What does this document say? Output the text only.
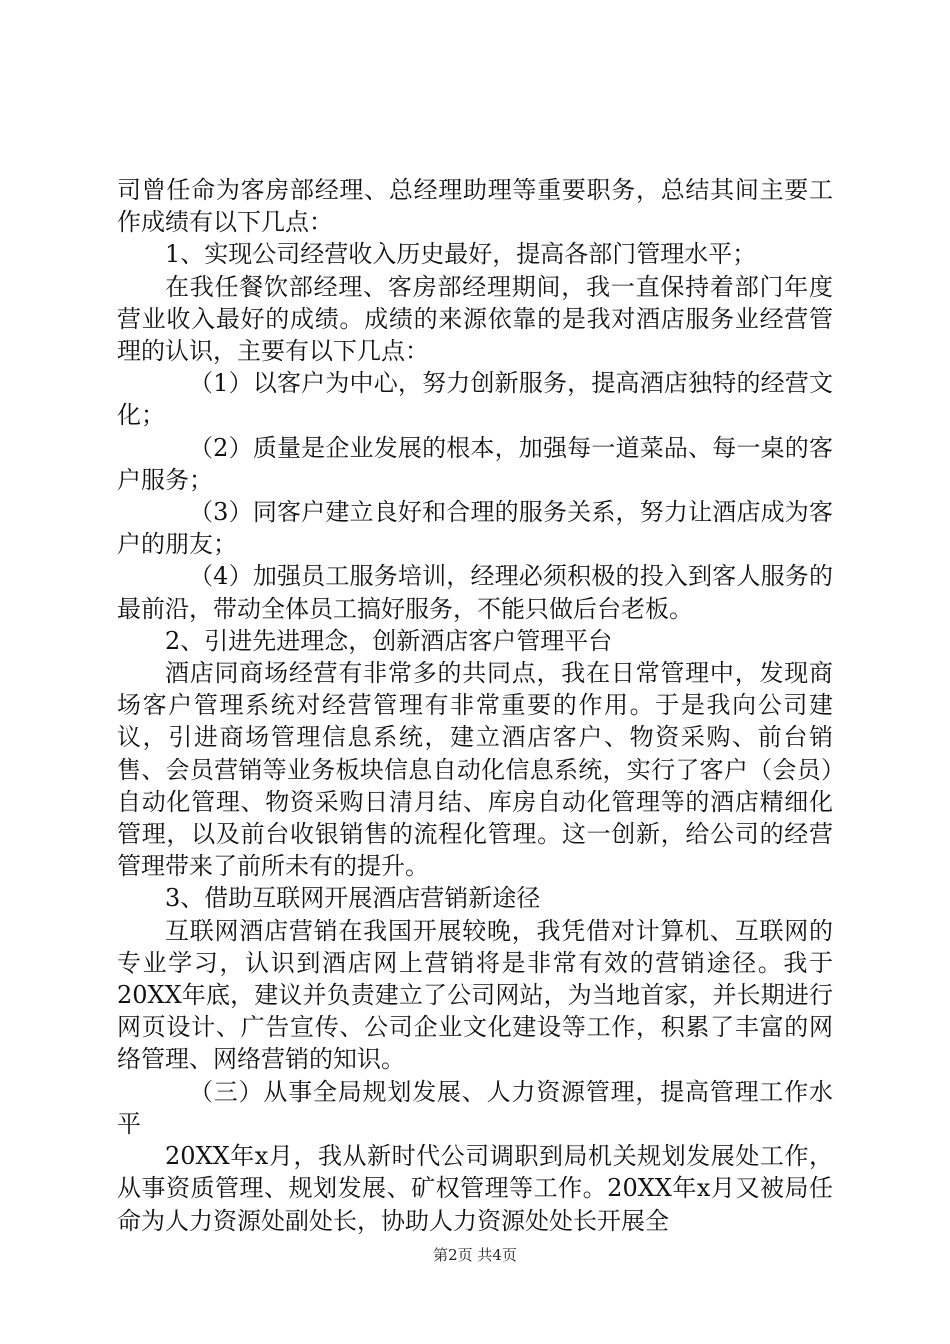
司曾任命为客房部经理、总经理助理等重要职务，总结其间主要工作成绩有以下几点：

1、实现公司经营收入历史最好，提高各部门管理水平；

在我任餐饮部经理、客房部经理期间，我一直保持着部门年度营业收入最好的成绩。成绩的来源依靠的是我对酒店服务业经营管理的认识，主要有以下几点：

（1）以客户为中心，努力创新服务，提高酒店独特的经营文化；

（2）质量是企业发展的根本，加强每一道菜品、每一桌的客户服务；

（3）同客户建立良好和合理的服务关系，努力让酒店成为客户的朋友；

（4）加强员工服务培训，经理必须积极的投入到客人服务的最前沿，带动全体员工搞好服务，不能只做后台老板。

2、引进先进理念，创新酒店客户管理平台

酒店同商场经营有非常多的共同点，我在日常管理中，发现商场客户管理系统对经营管理有非常重要的作用。于是我向公司建议，引进商场管理信息系统，建立酒店客户、物资采购、前台销售、会员营销等业务板块信息自动化信息系统，实行了客户（会员）自动化管理、物资采购日清月结、库房自动化管理等的酒店精细化管理，以及前台收银销售的流程化管理。这一创新，给公司的经营管理带来了前所未有的提升。

3、借助互联网开展酒店营销新途径

互联网酒店营销在我国开展较晚，我凭借对计算机、互联网的专业学习，认识到酒店网上营销将是非常有效的营销途径。我于20XX年底，建议并负责建立了公司网站，为当地首家，并长期进行网页设计、广告宣传、公司企业文化建设等工作，积累了丰富的网络管理、网络营销的知识。

（三）从事全局规划发展、人力资源管理，提高管理工作水平

20XX年x月，我从新时代公司调职到局机关规划发展处工作，从事资质管理、规划发展、矿权管理等工作。20XX年x月又被局任命为人力资源处副处长，协助人力资源处处长开展全

第2页 共4页
